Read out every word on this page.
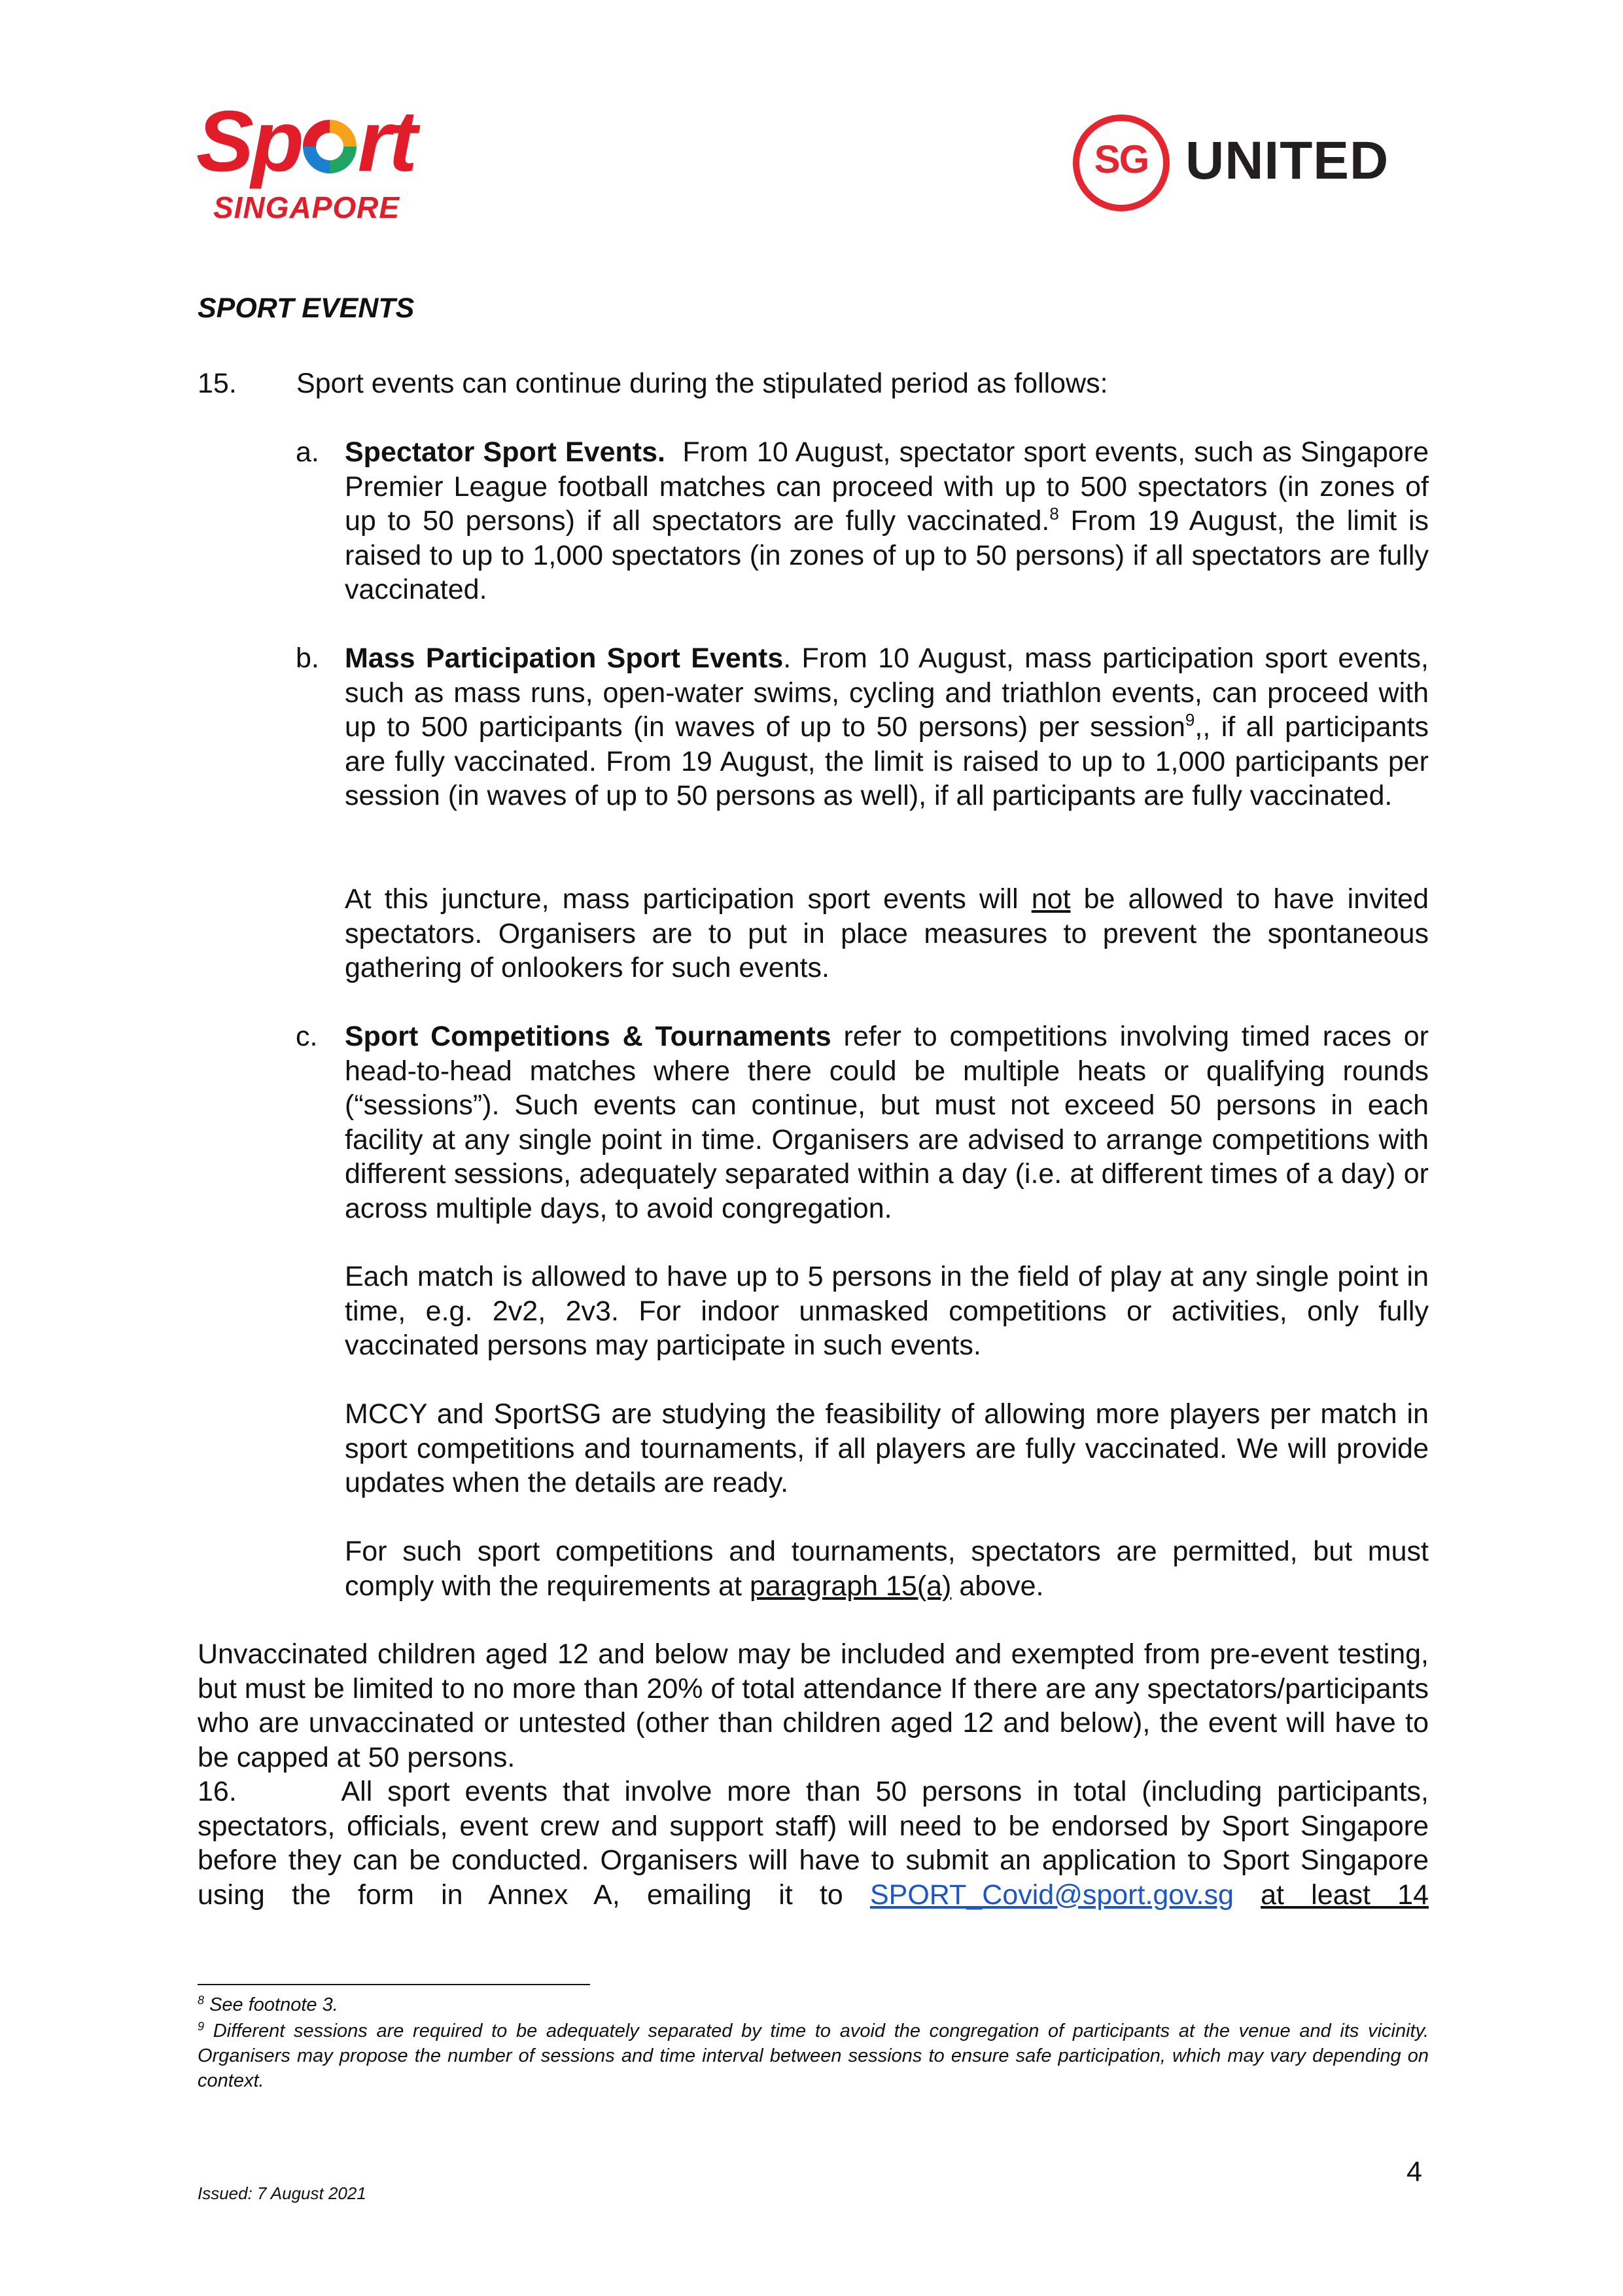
Sp rt
SINGAPORE
SG UNITED
SPORT EVENTS
15. Sport events can continue during the stipulated period as follows:
a. Spectator Sport Events. From 10 August, spectator sport events, such as Singapore Premier League football matches can proceed with up to 500 spectators (in zones of up to 50 persons) if all spectators are fully vaccinated.$^8$ From 19 August, the limit is raised to up to 1,000 spectators (in zones of up to 50 persons) if all spectators are fully vaccinated.
b. Mass Participation Sport Events. From 10 August, mass participation sport events, such as mass runs, open-water swims, cycling and triathlon events, can proceed with up to 500 participants (in waves of up to 50 persons) per session$^9$,, if all participants are fully vaccinated. From 19 August, the limit is raised to up to 1,000 participants per session (in waves of up to 50 persons as well), if all participants are fully vaccinated.
At this juncture, mass participation sport events will not be allowed to have invited spectators. Organisers are to put in place measures to prevent the spontaneous gathering of onlookers for such events.
c. Sport Competitions & Tournaments refer to competitions involving timed races or head-to-head matches where there could be multiple heats or qualifying rounds (“sessions”). Such events can continue, but must not exceed 50 persons in each facility at any single point in time. Organisers are advised to arrange competitions with different sessions, adequately separated within a day (i.e. at different times of a day) or across multiple days, to avoid congregation.
Each match is allowed to have up to 5 persons in the field of play at any single point in time, e.g. 2v2, 2v3. For indoor unmasked competitions or activities, only fully vaccinated persons may participate in such events.
MCCY and SportSG are studying the feasibility of allowing more players per match in sport competitions and tournaments, if all players are fully vaccinated. We will provide updates when the details are ready.
For such sport competitions and tournaments, spectators are permitted, but must comply with the requirements at paragraph 15(a) above.
Unvaccinated children aged 12 and below may be included and exempted from pre-event testing, but must be limited to no more than 20% of total attendance If there are any spectators/participants who are unvaccinated or untested (other than children aged 12 and below), the event will have to be capped at 50 persons.
16.	All sport events that involve more than 50 persons in total (including participants, spectators, officials, event crew and support staff) will need to be endorsed by Sport Singapore before they can be conducted. Organisers will have to submit an application to Sport Singapore using the form in Annex A, emailing it to SPORT_Covid@sport.gov.sg at least 14
$^8$ See footnote 3.
$^9$ Different sessions are required to be adequately separated by time to avoid the congregation of participants at the venue and its vicinity. Organisers may propose the number of sessions and time interval between sessions to ensure safe participation, which may vary depending on context.
4
Issued: 7 August 2021
